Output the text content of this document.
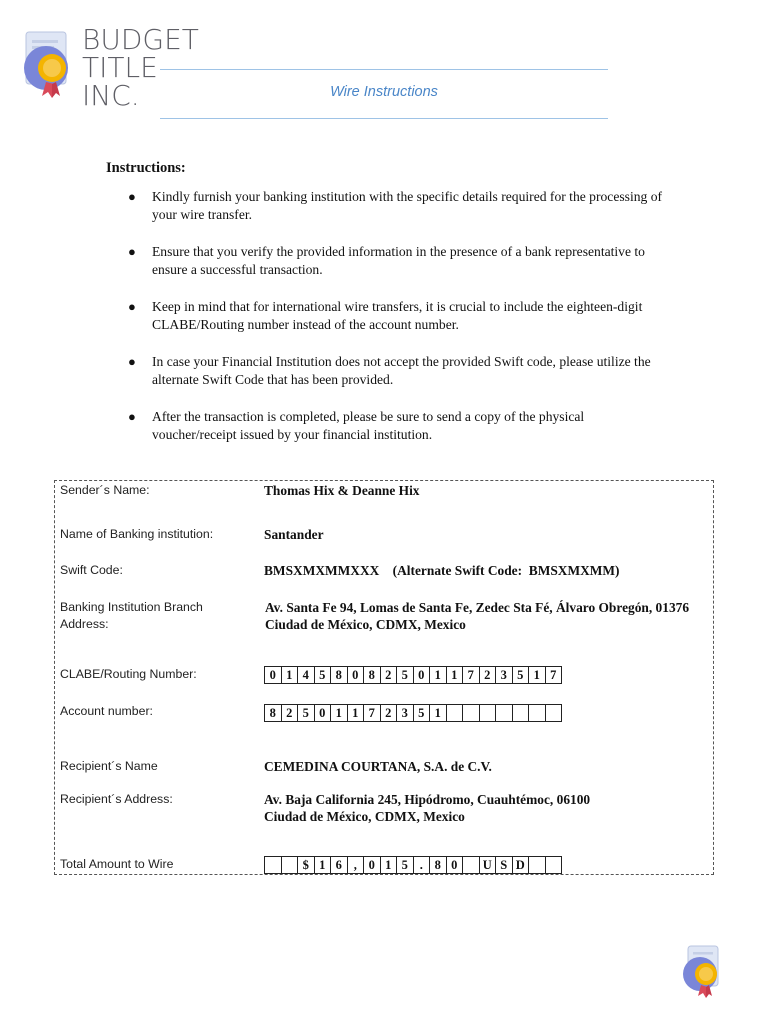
BUDGET
TITLE
INC.	Wire Instructions
Instructions:
● Kindly furnish your banking institution with the specific details required for the processing of your wire transfer.
● Ensure that you verify the provided information in the presence of a bank representative to ensure a successful transaction.
● Keep in mind that for international wire transfers, it is crucial to include the eighteen-digit CLABE/Routing number instead of the account number.
● In case your Financial Institution does not accept the provided Swift code, please utilize the alternate Swift Code that has been provided.
● After the transaction is completed, please be sure to send a copy of the physical voucher/receipt issued by your financial institution.
Sender´s Name:	Thomas Hix & Deanne Hix
Name of Banking institution:	Santander
Swift Code:	BMSXMXMMXXX    (Alternate Swift Code:  BMSXMXMM)
Banking Institution Branch
Address:
Av. Santa Fe 94, Lomas de Santa Fe, Zedec Sta Fé, Álvaro Obregón, 01376
Ciudad de México, CDMX, Mexico
CLABE/Routing Number:	0 1 4 5 8 0 8 2 5 0 1 1 7 2 3 5 1 7
Account number:	8 2 5 0 1 1 7 2 3 5 1
Recipient´s Name	CEMEDINA COURTANA, S.A. de C.V.
Recipient´s Address:	Av. Baja California 245, Hipódromo, Cuauhtémoc, 06100
Ciudad de México, CDMX, Mexico
Total Amount to Wire	$ 1 6 , 0 1 5 . 8 0	U S D
